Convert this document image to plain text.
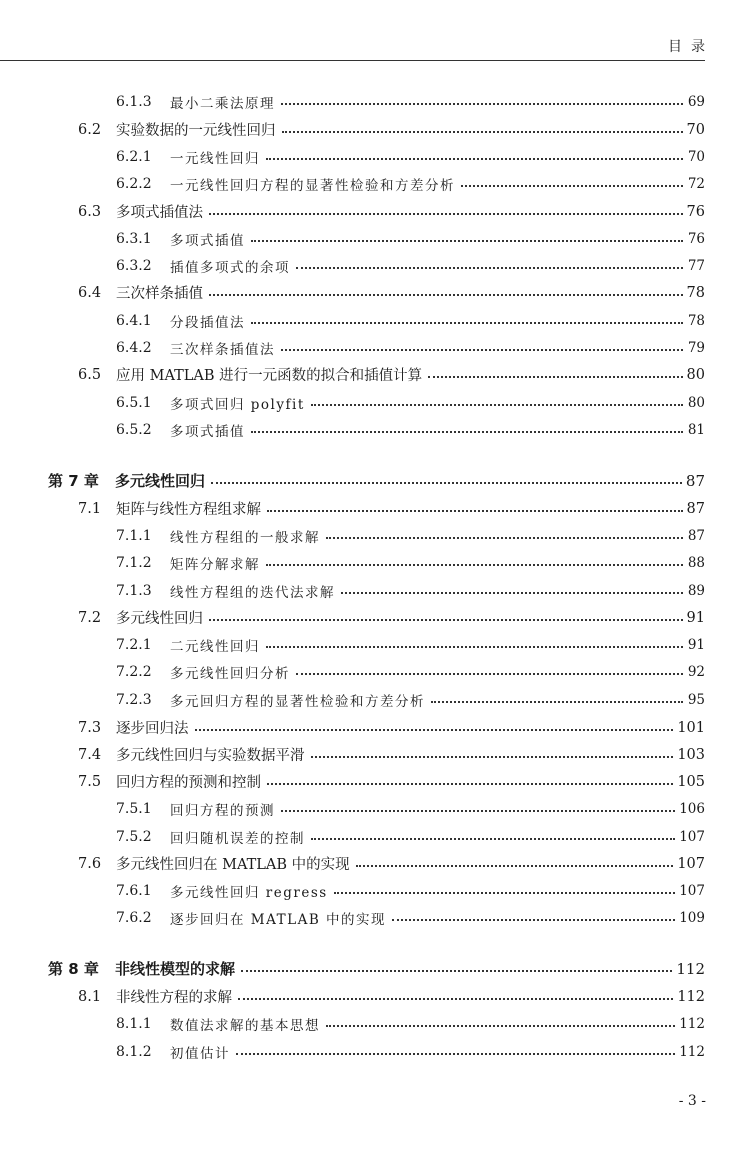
目录
6.1.3 最小二乘法原理	69
6.2 实验数据的一元线性回归	70
6.2.1 一元线性回归	70
6.2.2 一元线性回归方程的显著性检验和方差分析	72
6.3 多项式插值法	76
6.3.1 多项式插值	76
6.3.2 插值多项式的余项	77
6.4 三次样条插值	78
6.4.1 分段插值法	78
6.4.2 三次样条插值法	79
6.5 应用 MATLAB 进行一元函数的拟合和插值计算	80
6.5.1 多项式回归 polyfit	80
6.5.2 多项式插值	81
第 7 章 多元线性回归	87
7.1 矩阵与线性方程组求解	87
7.1.1 线性方程组的一般求解	87
7.1.2 矩阵分解求解	88
7.1.3 线性方程组的迭代法求解	89
7.2 多元线性回归	91
7.2.1 二元线性回归	91
7.2.2 多元线性回归分析	92
7.2.3 多元回归方程的显著性检验和方差分析	95
7.3 逐步回归法	101
7.4 多元线性回归与实验数据平滑	103
7.5 回归方程的预测和控制	105
7.5.1 回归方程的预测	106
7.5.2 回归随机误差的控制	107
7.6 多元线性回归在 MATLAB 中的实现	107
7.6.1 多元线性回归 regress	107
7.6.2 逐步回归在 MATLAB 中的实现	109
第 8 章 非线性模型的求解	112
8.1 非线性方程的求解	112
8.1.1 数值法求解的基本思想	112
8.1.2 初值估计	112
- 3 -
